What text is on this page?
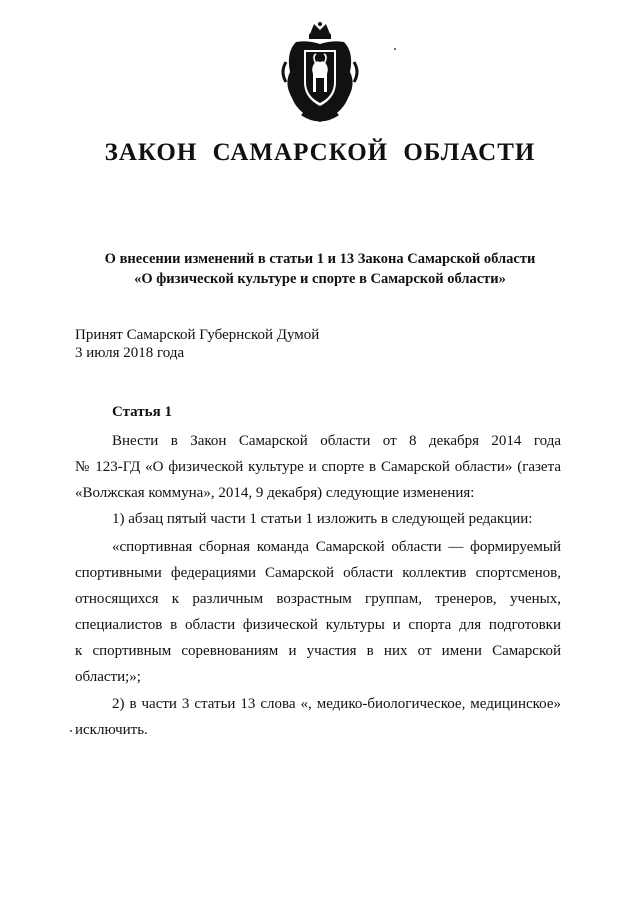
ЗАКОН САМАРСКОЙ ОБЛАСТИ
О внесении изменений в статьи 1 и 13 Закона Самарской области
«О физической культуре и спорте в Самарской области»
Принят Самарской Губернской Думой
3 июля 2018 года
Статья 1
Внести в Закон Самарской области от 8 декабря 2014 года
№ 123-ГД «О физической культуре и спорте в Самарской области» (газета
«Волжская коммуна», 2014, 9 декабря) следующие изменения:
1) абзац пятый части 1 статьи 1 изложить в следующей редакции:
«спортивная сборная команда Самарской области — формируемый
спортивными федерациями Самарской области коллектив спортсменов,
относящихся к различным возрастным группам, тренеров, ученых,
специалистов в области физической культуры и спорта для подготовки
к спортивным соревнованиям и участия в них от имени Самарской
области;»;
2) в части 3 статьи 13 слова «, медико-биологическое, медицинское»
исключить.
